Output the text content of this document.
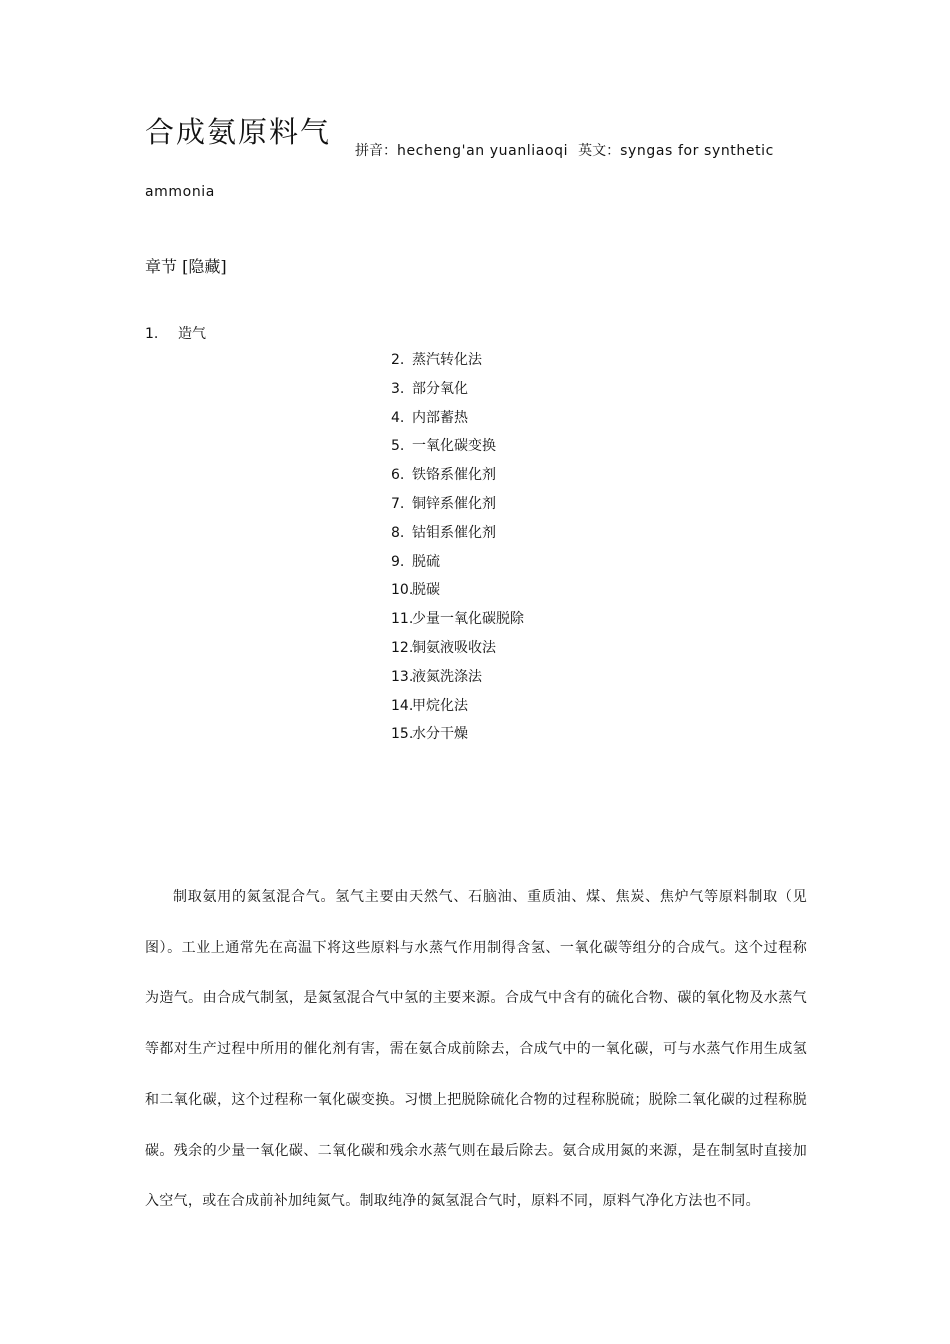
合成氨原料气
拼音：hecheng'an yuanliaoqi 英文：syngas for synthetic
ammonia
章节 [隐藏]
1. 造气
2. 蒸汽转化法
3. 部分氧化
4. 内部蓄热
5. 一氧化碳变换
6. 铁铬系催化剂
7. 铜锌系催化剂
8. 钴钼系催化剂
9. 脱硫
10.脱碳
11.少量一氧化碳脱除
12.铜氨液吸收法
13.液氮洗涤法
14.甲烷化法
15.水分干燥

制取氨用的氮氢混合气。氢气主要由天然气、石脑油、重质油、煤、焦炭、焦炉气等原料制取（见图）。工业上通常先在高温下将这些原料与水蒸气作用制得含氢、一氧化碳等组分的合成气。这个过程称为造气。由合成气制氢，是氮氢混合气中氢的主要来源。合成气中含有的硫化合物、碳的氧化物及水蒸气等都对生产过程中所用的催化剂有害，需在氨合成前除去，合成气中的一氧化碳，可与水蒸气作用生成氢和二氧化碳，这个过程称一氧化碳变换。习惯上把脱除硫化合物的过程称脱硫；脱除二氧化碳的过程称脱碳。残余的少量一氧化碳、二氧化碳和残余水蒸气则在最后除去。氨合成用氮的来源，是在制氢时直接加入空气，或在合成前补加纯氮气。制取纯净的氮氢混合气时，原料不同，原料气净化方法也不同。
